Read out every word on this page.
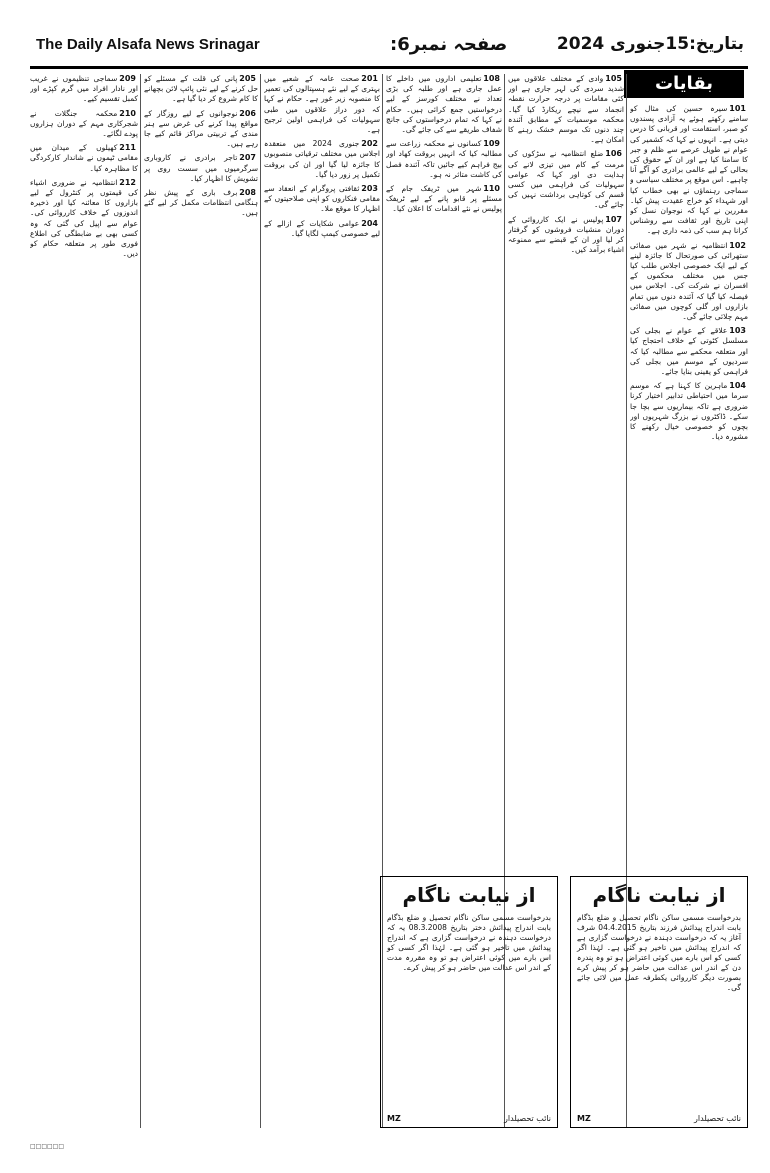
The Daily Alsafa News Srinagar	صفحہ نمبر6:	بتاریخ:15جنوری 2024
بقایات

101سیرہ حسین کی مثال کو سامنے رکھتے ہوئے یہ آزادی پسندوں کو صبر، استقامت اور قربانی کا درس دیتی ہے۔ انہوں نے کہا کہ کشمیر کی عوام نے طویل عرصے سے ظلم و جبر کا سامنا کیا ہے اور ان کے حقوق کی بحالی کے لیے عالمی برادری کو آگے آنا چاہیے۔ اس موقع پر مختلف سیاسی و سماجی رہنماؤں نے بھی خطاب کیا اور شہداء کو خراج عقیدت پیش کیا۔ مقررین نے کہا کہ نوجوان نسل کو اپنی تاریخ اور ثقافت سے روشناس کرانا ہم سب کی ذمہ داری ہے۔

102انتظامیہ نے شہر میں صفائی ستھرائی کی صورتحال کا جائزہ لینے کے لیے ایک خصوصی اجلاس طلب کیا جس میں مختلف محکموں کے افسران نے شرکت کی۔ اجلاس میں فیصلہ کیا گیا کہ آئندہ دنوں میں تمام بازاروں اور گلی کوچوں میں صفائی مہم چلائی جائے گی۔

103علاقے کے عوام نے بجلی کی مسلسل کٹوتی کے خلاف احتجاج کیا اور متعلقہ محکمے سے مطالبہ کیا کہ سردیوں کے موسم میں بجلی کی فراہمی کو یقینی بنایا جائے۔

104ماہرین کا کہنا ہے کہ موسم سرما میں احتیاطی تدابیر اختیار کرنا ضروری ہے تاکہ بیماریوں سے بچا جا سکے۔ ڈاکٹروں نے بزرگ شہریوں اور بچوں کو خصوصی خیال رکھنے کا مشورہ دیا۔

105وادی کے مختلف علاقوں میں شدید سردی کی لہر جاری ہے اور کئی مقامات پر درجہ حرارت نقطہ انجماد سے نیچے ریکارڈ کیا گیا۔ محکمہ موسمیات کے مطابق آئندہ چند دنوں تک موسم خشک رہنے کا امکان ہے۔

106ضلع انتظامیہ نے سڑکوں کی مرمت کے کام میں تیزی لانے کی ہدایت دی اور کہا کہ عوامی سہولیات کی فراہمی میں کسی قسم کی کوتاہی برداشت نہیں کی جائے گی۔

107پولیس نے ایک کارروائی کے دوران منشیات فروشوں کو گرفتار کر لیا اور ان کے قبضے سے ممنوعہ اشیاء برآمد کیں۔

108تعلیمی اداروں میں داخلے کا عمل جاری ہے اور طلبہ کی بڑی تعداد نے مختلف کورسز کے لیے درخواستیں جمع کرائی ہیں۔ حکام نے کہا کہ تمام درخواستوں کی جانچ شفاف طریقے سے کی جائے گی۔

109کسانوں نے محکمہ زراعت سے مطالبہ کیا کہ انہیں بروقت کھاد اور بیج فراہم کیے جائیں تاکہ آئندہ فصل کی کاشت متاثر نہ ہو۔

110شہر میں ٹریفک جام کے مسئلے پر قابو پانے کے لیے ٹریفک پولیس نے نئے اقدامات کا اعلان کیا۔

201صحت عامہ کے شعبے میں بہتری کے لیے نئے ہسپتالوں کی تعمیر کا منصوبہ زیر غور ہے۔ حکام نے کہا کہ دور دراز علاقوں میں طبی سہولیات کی فراہمی اولین ترجیح ہے۔

202جنوری 2024 میں منعقدہ اجلاس میں مختلف ترقیاتی منصوبوں کا جائزہ لیا گیا اور ان کی بروقت تکمیل پر زور دیا گیا۔

203ثقافتی پروگرام کے انعقاد سے مقامی فنکاروں کو اپنی صلاحیتوں کے اظہار کا موقع ملا۔

204عوامی شکایات کے ازالے کے لیے خصوصی کیمپ لگایا گیا۔

205پانی کی قلت کے مسئلے کو حل کرنے کے لیے نئی پائپ لائن بچھانے کا کام شروع کر دیا گیا ہے۔

206نوجوانوں کے لیے روزگار کے مواقع پیدا کرنے کی غرض سے ہنر مندی کے تربیتی مراکز قائم کیے جا رہے ہیں۔

207تاجر برادری نے کاروباری سرگرمیوں میں سست روی پر تشویش کا اظہار کیا۔

208برف باری کے پیش نظر ہنگامی انتظامات مکمل کر لیے گئے ہیں۔

209سماجی تنظیموں نے غریب اور نادار افراد میں گرم کپڑے اور کمبل تقسیم کیے۔

210محکمہ جنگلات نے شجرکاری مہم کے دوران ہزاروں پودے لگائے۔

211کھیلوں کے میدان میں مقامی ٹیموں نے شاندار کارکردگی کا مظاہرہ کیا۔

212انتظامیہ نے ضروری اشیاء کی قیمتوں پر کنٹرول کے لیے بازاروں کا معائنہ کیا اور ذخیرہ اندوزوں کے خلاف کارروائی کی۔ عوام سے اپیل کی گئی کہ وہ کسی بھی بے ضابطگی کی اطلاع فوری طور پر متعلقہ حکام کو دیں۔

از نیابت ناگام
بدرخواست مسمی ساکن ناگام تحصیل و ضلع بڈگام بابت اندراج پیدائش فرزند بتاریخ 04.4.2015 شرف آغاز یہ کہ درخواست دہندہ نے درخواست گزاری ہے کہ اندراج پیدائش میں تاخیر ہو گئی ہے۔ لہٰذا اگر کسی کو اس بارے میں کوئی اعتراض ہو تو وہ پندرہ دن کے اندر اس عدالت میں حاضر ہو کر پیش کرے بصورت دیگر کارروائی یکطرفہ عمل میں لائی جائے گی۔
نائب تحصیلدار
MZ
از نیابت ناگام
بدرخواست مسمی ساکن ناگام تحصیل و ضلع بڈگام بابت اندراج پیدائش دختر بتاریخ 08.3.2008 یہ کہ درخواست دہندہ نے درخواست گزاری ہے کہ اندراج پیدائش میں تاخیر ہو گئی ہے۔ لہٰذا اگر کسی کو اس بارے میں کوئی اعتراض ہو تو وہ مقررہ مدت کے اندر اس عدالت میں حاضر ہو کر پیش کرے۔
نائب تحصیلدار
MZ
□□□□□□
